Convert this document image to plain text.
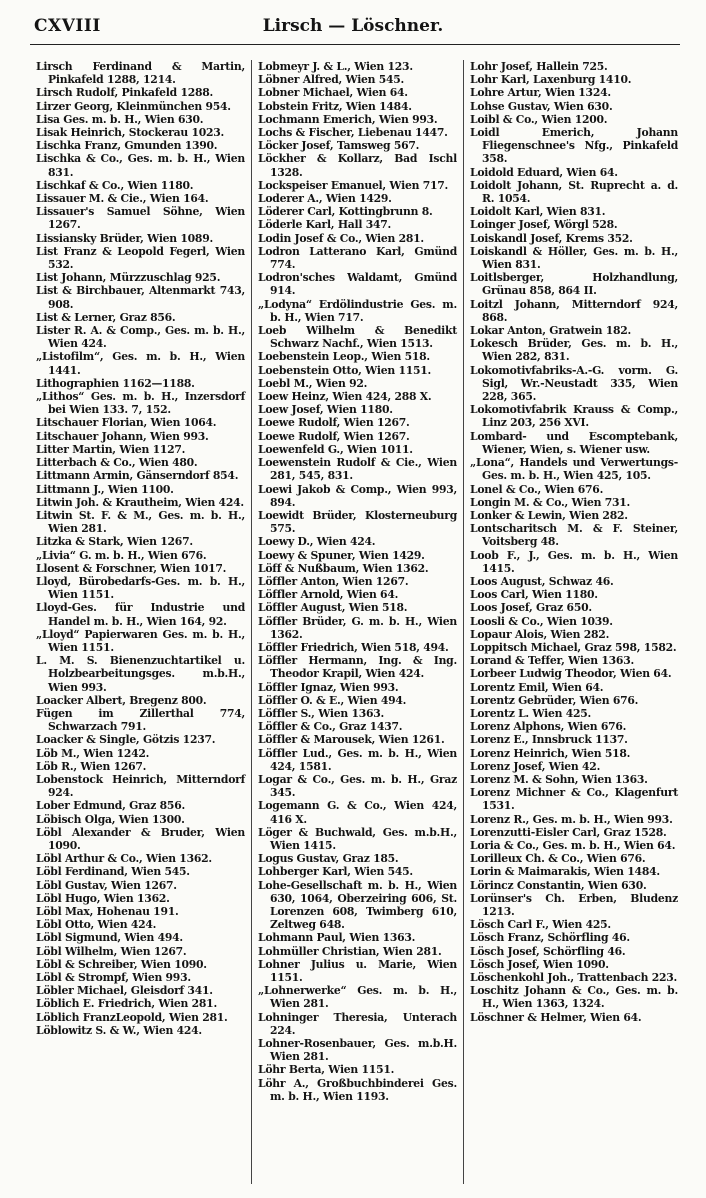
CXVIII	Lirsch — Löschner.
Lirsch Ferdinand & Martin, Pinkafeld 1288, 1214.
Lirsch Rudolf, Pinkafeld 1288.
Lirzer Georg, Kleinmünchen 954.
Lisa Ges. m. b. H., Wien 630.
Lisak Heinrich, Stockerau 1023.
Lischka Franz, Gmunden 1390.
Lischka & Co., Ges. m. b. H., Wien 831.
Lischkaf & Co., Wien 1180.
Lissauer M. & Cie., Wien 164.
Lissauer's Samuel Söhne, Wien 1267.
Lissiansky Brüder, Wien 1089.
List Franz & Leopold Fegerl, Wien 532.
List Johann, Mürzzuschlag 925.
List & Birchbauer, Altenmarkt 743, 908.
List & Lerner, Graz 856.
Lister R. A. & Comp., Ges. m. b. H., Wien 424.
„Listofilm“, Ges. m. b. H., Wien 1441.
Lithographien 1162—1188.
„Lithos“ Ges. m. b. H., Inzersdorf bei Wien 133. 7, 152.
Litschauer Florian, Wien 1064.
Litschauer Johann, Wien 993.
Litter Martin, Wien 1127.
Litterbach & Co., Wien 480.
Littmann Armin, Gänserndorf 854.
Littmann J., Wien 1100.
Litwin Joh. & Krautheim, Wien 424.
Litwin St. F. & M., Ges. m. b. H., Wien 281.
Litzka & Stark, Wien 1267.
„Livia“ G. m. b. H., Wien 676.
Llosent & Forschner, Wien 1017.
Lloyd, Bürobedarfs-Ges. m. b. H., Wien 1151.
Lloyd-Ges. für Industrie und Handel m. b. H., Wien 164, 92.
„Lloyd“ Papierwaren Ges. m. b. H., Wien 1151.
L. M. S. Bienenzuchtartikel u. Holzbearbeitungsges. m.b.H., Wien 993.
Loacker Albert, Bregenz 800.
Fügen im Zillerthal 774, Schwarzach 791.
Loacker & Single, Götzis 1237.
Löb M., Wien 1242.
Löb R., Wien 1267.
Lobenstock Heinrich, Mitterndorf 924.
Lober Edmund, Graz 856.
Löbisch Olga, Wien 1300.
Löbl Alexander & Bruder, Wien 1090.
Löbl Arthur & Co., Wien 1362.
Löbl Ferdinand, Wien 545.
Löbl Gustav, Wien 1267.
Löbl Hugo, Wien 1362.
Löbl Max, Hohenau 191.
Löbl Otto, Wien 424.
Löbl Sigmund, Wien 494.
Löbl Wilhelm, Wien 1267.
Löbl & Schreiber, Wien 1090.
Löbl & Strompf, Wien 993.
Löbler Michael, Gleisdorf 341.
Löblich E. Friedrich, Wien 281.
Löblich FranzLeopold, Wien 281.
Löblowitz S. & W., Wien 424.
Lobmeyr J. & L., Wien 123.
Löbner Alfred, Wien 545.
Lobner Michael, Wien 64.
Lobstein Fritz, Wien 1484.
Lochmann Emerich, Wien 993.
Lochs & Fischer, Liebenau 1447.
Löcker Josef, Tamsweg 567.
Löckher & Kollarz, Bad Ischl 1328.
Lockspeiser Emanuel, Wien 717.
Loderer A., Wien 1429.
Löderer Carl, Kottingbrunn 8.
Löderle Karl, Hall 347.
Lodin Josef & Co., Wien 281.
Lodron Latterano Karl, Gmünd 774.
Lodron'sches Waldamt, Gmünd 914.
„Lodyna“ Erdölindustrie Ges. m. b. H., Wien 717.
Loeb Wilhelm & Benedikt Schwarz Nachf., Wien 1513.
Loebenstein Leop., Wien 518.
Loebenstein Otto, Wien 1151.
Loebl M., Wien 92.
Loew Heinz, Wien 424, 288 X.
Loew Josef, Wien 1180.
Loewe Rudolf, Wien 1267.
Loewe Rudolf, Wien 1267.
Loewenfeld G., Wien 1011.
Loewenstein Rudolf & Cie., Wien 281, 545, 831.
Loewi Jakob & Comp., Wien 993, 894.
Loewidt Brüder, Klosterneuburg 575.
Loewy D., Wien 424.
Loewy & Spuner, Wien 1429.
Löff & Nußbaum, Wien 1362.
Löffler Anton, Wien 1267.
Löffler Arnold, Wien 64.
Löffler August, Wien 518.
Löffler Brüder, G. m. b. H., Wien 1362.
Löffler Friedrich, Wien 518, 494.
Löffler Hermann, Ing. & Ing. Theodor Krapil, Wien 424.
Löffler Ignaz, Wien 993.
Löffler O. & E., Wien 494.
Löffler S., Wien 1363.
Löffler & Co., Graz 1437.
Löffler & Marousek, Wien 1261.
Löffler Lud., Ges. m. b. H., Wien 424, 1581.
Logar & Co., Ges. m. b. H., Graz 345.
Logemann G. & Co., Wien 424, 416 X.
Löger & Buchwald, Ges. m.b.H., Wien 1415.
Logus Gustav, Graz 185.
Lohberger Karl, Wien 545.
Lohe-Gesellschaft m. b. H., Wien 630, 1064, Oberzeiring 606, St. Lorenzen 608, Twimberg 610, Zeltweg 648.
Lohmann Paul, Wien 1363.
Lohmüller Christian, Wien 281.
Lohner Julius u. Marie, Wien 1151.
„Lohnerwerke“ Ges. m. b. H., Wien 281.
Lohninger Theresia, Unterach 224.
Lohner-Rosenbauer, Ges. m.b.H. Wien 281.
Löhr Berta, Wien 1151.
Löhr A., Großbuchbinderei Ges. m. b. H., Wien 1193.
Lohr Josef, Hallein 725.
Lohr Karl, Laxenburg 1410.
Lohre Artur, Wien 1324.
Lohse Gustav, Wien 630.
Loibl & Co., Wien 1200.
Loidl Emerich, Johann Fliegenschnee's Nfg., Pinkafeld 358.
Loidold Eduard, Wien 64.
Loidolt Johann, St. Ruprecht a. d. R. 1054.
Loidolt Karl, Wien 831.
Loinger Josef, Wörgl 528.
Loiskandl Josef, Krems 352.
Loiskandl & Höller, Ges. m. b. H., Wien 831.
Loitlsberger, Holzhandlung, Grünau 858, 864 II.
Loitzl Johann, Mitterndorf 924, 868.
Lokar Anton, Gratwein 182.
Lokesch Brüder, Ges. m. b. H., Wien 282, 831.
Lokomotivfabriks-A.-G. vorm. G. Sigl, Wr.-Neustadt 335, Wien 228, 365.
Lokomotivfabrik Krauss & Comp., Linz 203, 256 XVI.
Lombard- und Escomptebank, Wiener, Wien, s. Wiener usw.
„Lona“, Handels und Verwertungs-Ges. m. b. H., Wien 425, 105.
Lonel & Co., Wien 676.
Longin M. & Co., Wien 731.
Lonker & Lewin, Wien 282.
Lontscharitsch M. & F. Steiner, Voitsberg 48.
Loob F., J., Ges. m. b. H., Wien 1415.
Loos August, Schwaz 46.
Loos Carl, Wien 1180.
Loos Josef, Graz 650.
Loosli & Co., Wien 1039.
Lopaur Alois, Wien 282.
Loppitsch Michael, Graz 598, 1582.
Lorand & Teffer, Wien 1363.
Lorbeer Ludwig Theodor, Wien 64.
Lorentz Emil, Wien 64.
Lorentz Gebrüder, Wien 676.
Lorentz L. Wien 425.
Lorenz Alphons, Wien 676.
Lorenz E., Innsbruck 1137.
Lorenz Heinrich, Wien 518.
Lorenz Josef, Wien 42.
Lorenz M. & Sohn, Wien 1363.
Lorenz Michner & Co., Klagenfurt 1531.
Lorenz R., Ges. m. b. H., Wien 993.
Lorenzutti-Eisler Carl, Graz 1528.
Loria & Co., Ges. m. b. H., Wien 64.
Lorilleux Ch. & Co., Wien 676.
Lorin & Maimarakis, Wien 1484.
Lörincz Constantin, Wien 630.
Lorünser's Ch. Erben, Bludenz 1213.
Lösch Carl F., Wien 425.
Lösch Franz, Schörfling 46.
Lösch Josef, Schörfling 46.
Lösch Josef, Wien 1090.
Löschenkohl Joh., Trattenbach 223.
Loschitz Johann & Co., Ges. m. b. H., Wien 1363, 1324.
Löschner & Helmer, Wien 64.
